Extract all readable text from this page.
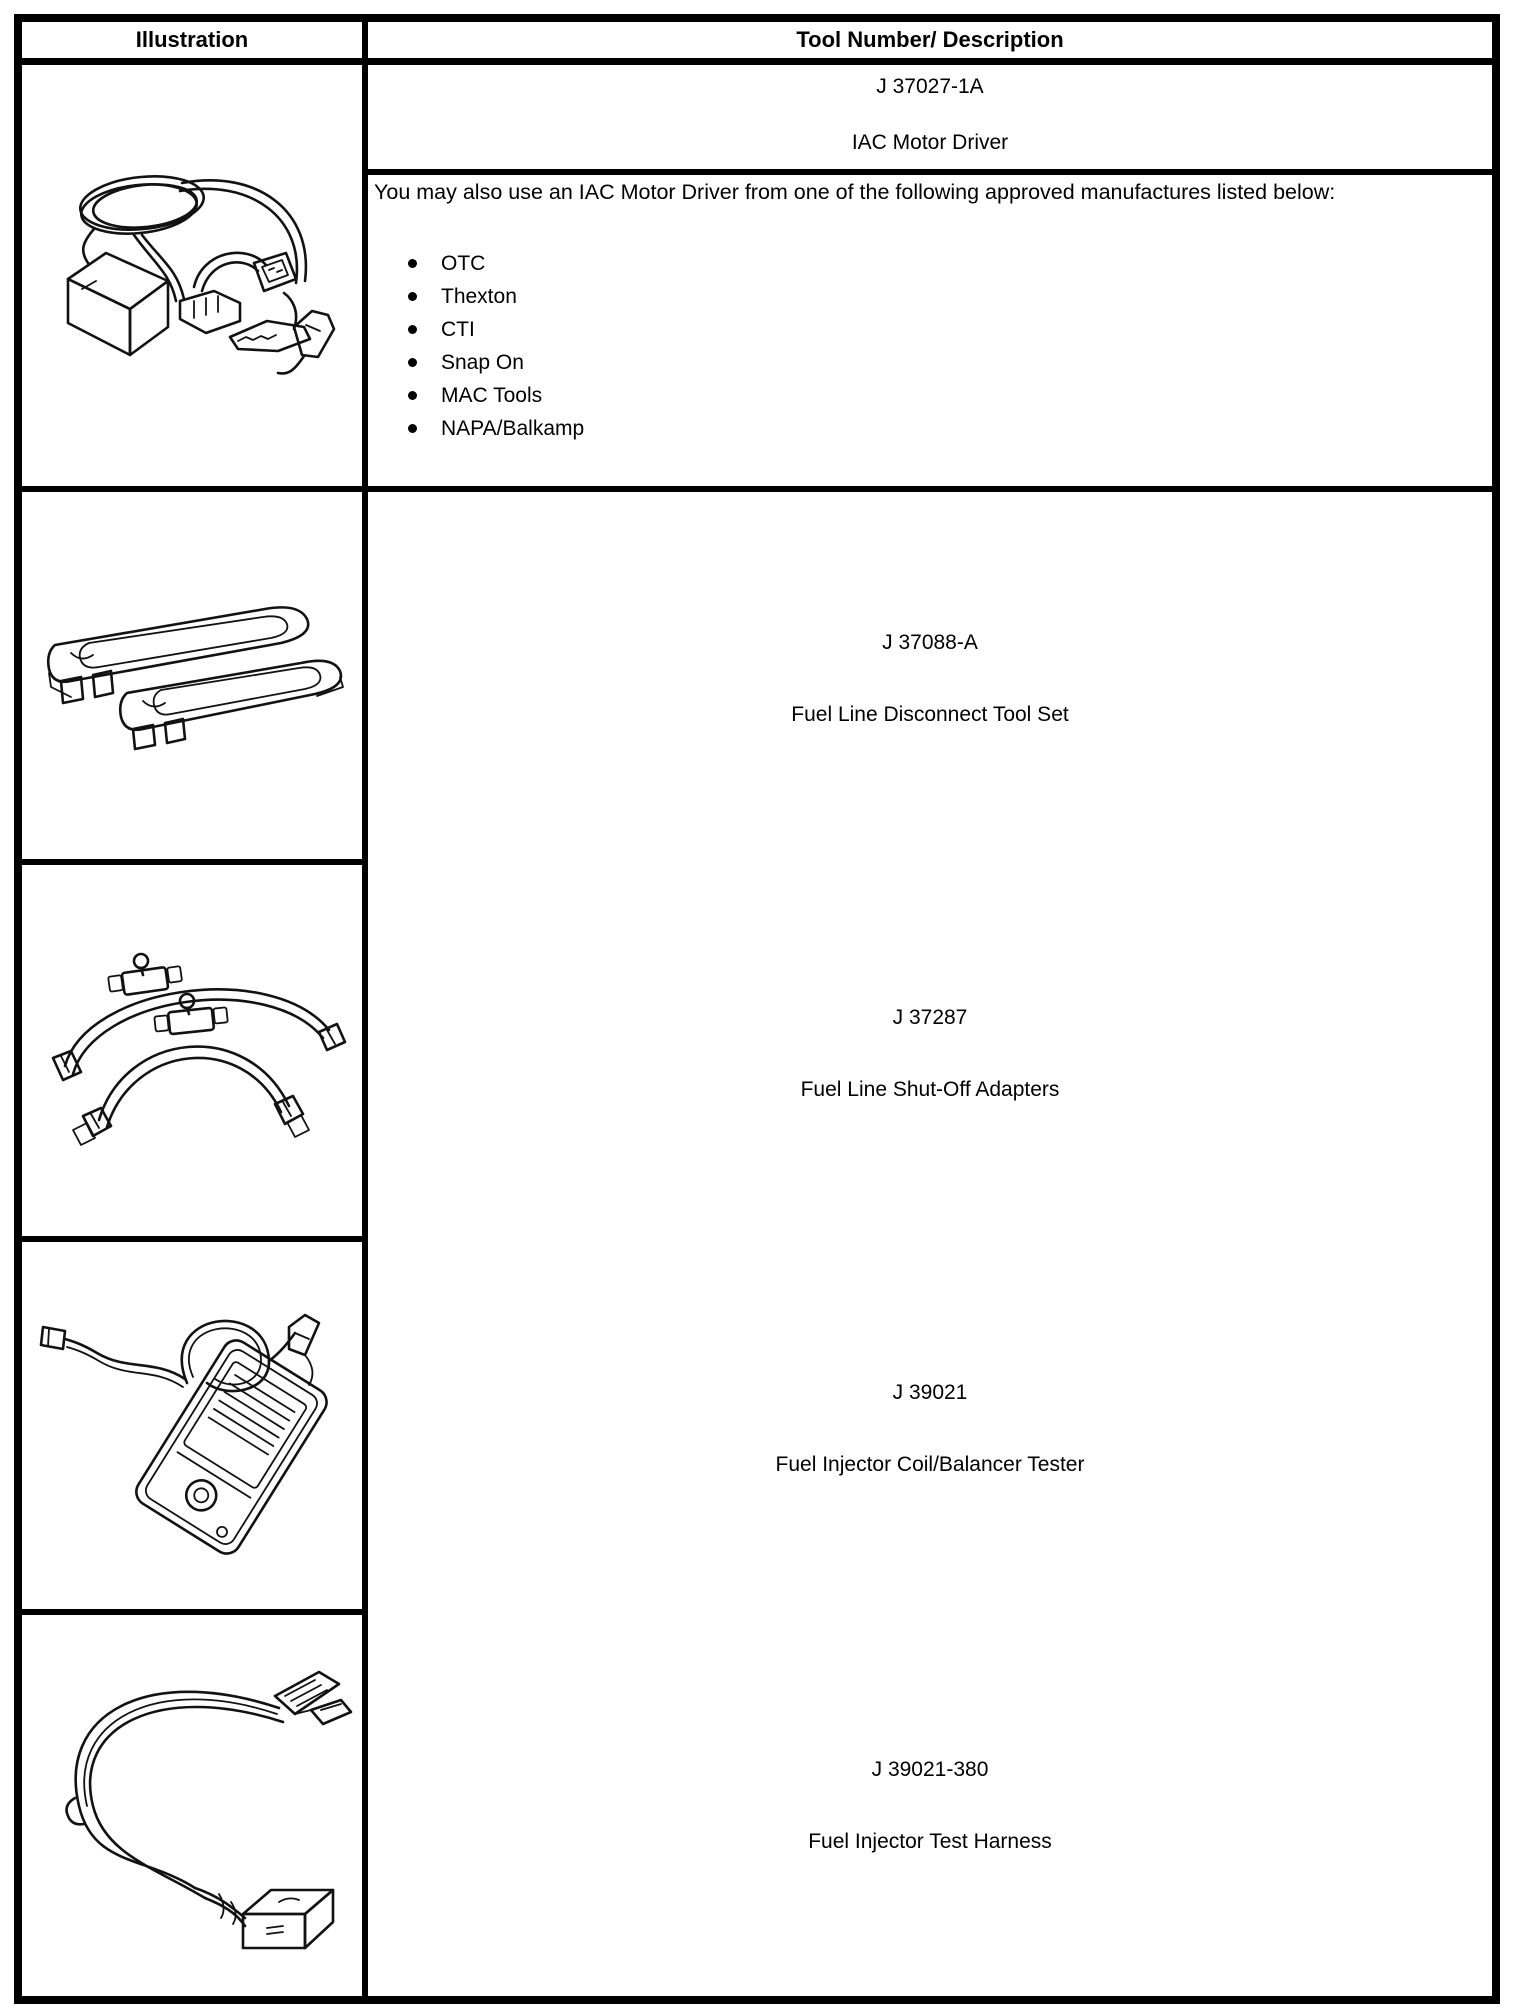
Illustration	Tool Number/ Description
J 37027-1A
IAC Motor Driver

You may also use an IAC Motor Driver from one of the following approved manufactures listed below:

OTC
Thexton
CTI
Snap On
MAC Tools
NAPA/Balkamp
J 37088-A
Fuel Line Disconnect Tool Set
J 37287
Fuel Line Shut-Off Adapters
J 39021
Fuel Injector Coil/Balancer Tester
J 39021-380
Fuel Injector Test Harness
